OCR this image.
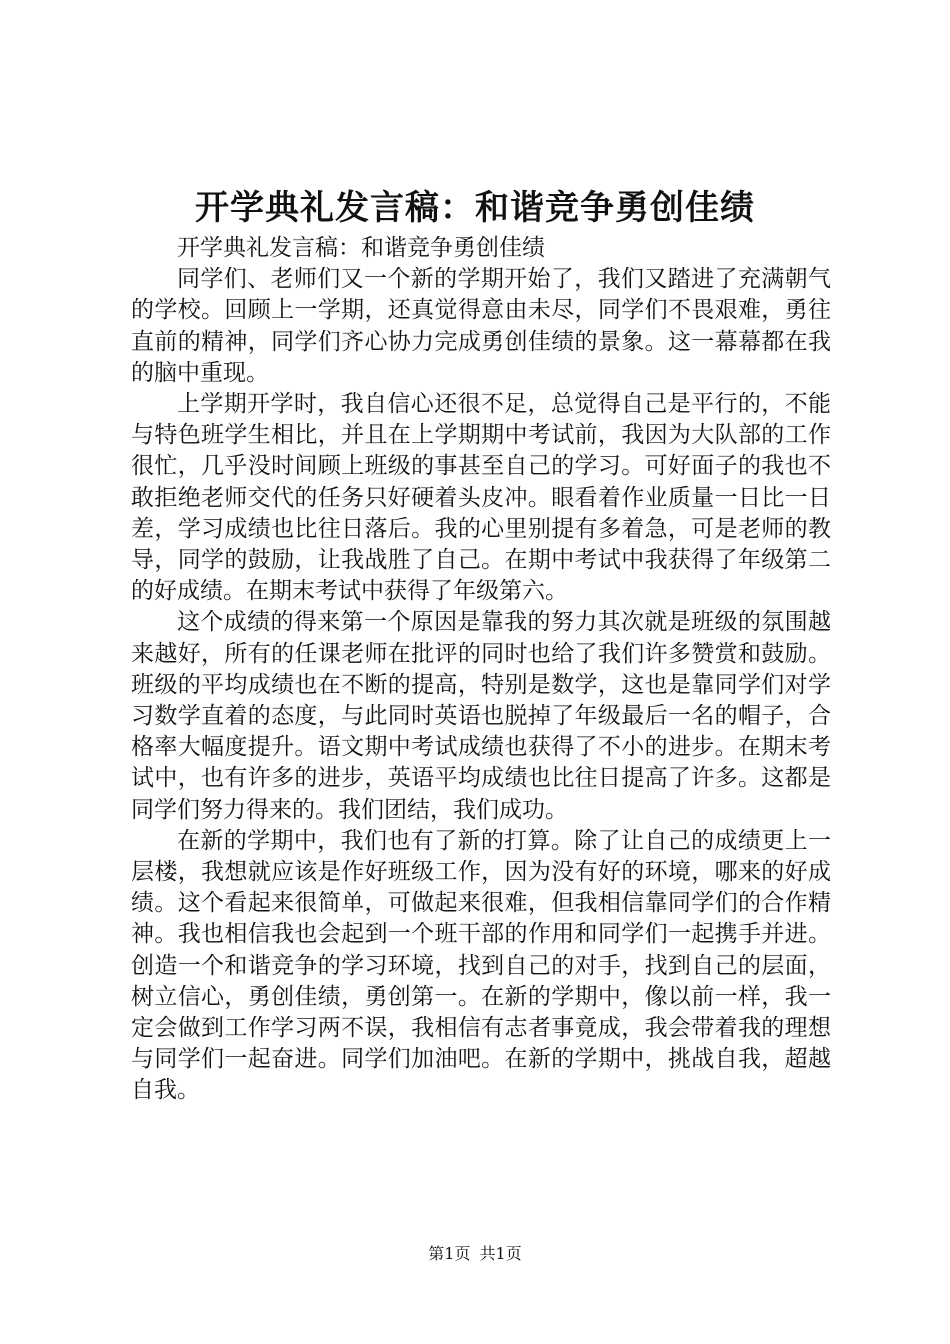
开学典礼发言稿：和谐竞争勇创佳绩

开学典礼发言稿：和谐竞争勇创佳绩

同学们、老师们又一个新的学期开始了，我们又踏进了充满朝气的学校。回顾上一学期，还真觉得意由未尽，同学们不畏艰难，勇往直前的精神，同学们齐心协力完成勇创佳绩的景象。这一幕幕都在我的脑中重现。

上学期开学时，我自信心还很不足，总觉得自己是平行的，不能与特色班学生相比，并且在上学期期中考试前，我因为大队部的工作很忙，几乎没时间顾上班级的事甚至自己的学习。可好面子的我也不敢拒绝老师交代的任务只好硬着头皮冲。眼看着作业质量一日比一日差，学习成绩也比往日落后。我的心里别提有多着急，可是老师的教导，同学的鼓励，让我战胜了自己。在期中考试中我获得了年级第二的好成绩。在期末考试中获得了年级第六。

这个成绩的得来第一个原因是靠我的努力其次就是班级的氛围越来越好，所有的任课老师在批评的同时也给了我们许多赞赏和鼓励。班级的平均成绩也在不断的提高，特别是数学，这也是靠同学们对学习数学直着的态度，与此同时英语也脱掉了年级最后一名的帽子，合格率大幅度提升。语文期中考试成绩也获得了不小的进步。在期末考试中，也有许多的进步，英语平均成绩也比往日提高了许多。这都是同学们努力得来的。我们团结，我们成功。

在新的学期中，我们也有了新的打算。除了让自己的成绩更上一层楼，我想就应该是作好班级工作，因为没有好的环境，哪来的好成绩。这个看起来很简单，可做起来很难，但我相信靠同学们的合作精神。我也相信我也会起到一个班干部的作用和同学们一起携手并进。创造一个和谐竞争的学习环境，找到自己的对手，找到自己的层面，树立信心，勇创佳绩，勇创第一。在新的学期中，像以前一样，我一定会做到工作学习两不误，我相信有志者事竟成，我会带着我的理想与同学们一起奋进。同学们加油吧。在新的学期中，挑战自我，超越自我。

第1页 共1页
